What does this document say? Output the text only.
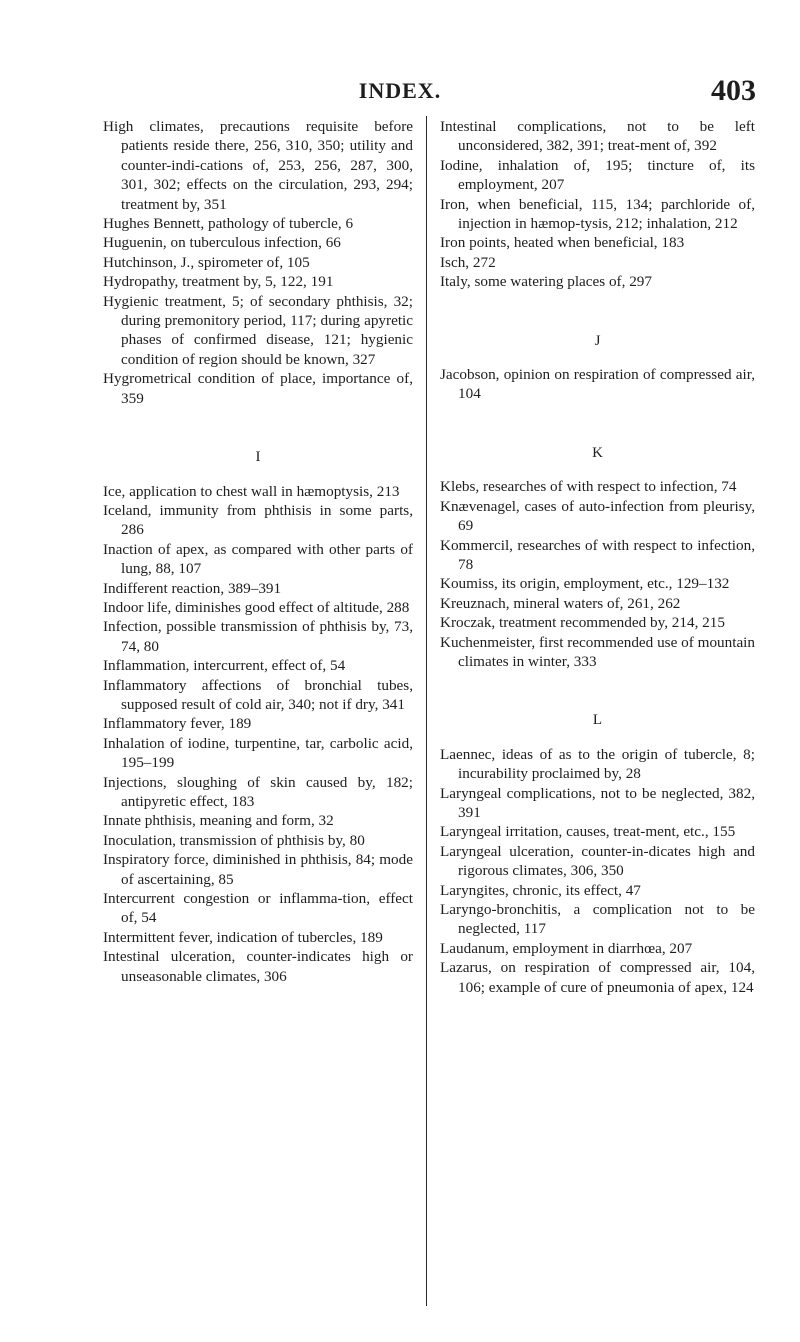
INDEX.	403

High climates, precautions requisite before patients reside there, 256, 310, 350; utility and counter-indi-cations of, 253, 256, 287, 300, 301, 302; effects on the circulation, 293, 294; treatment by, 351

Hughes Bennett, pathology of tubercle, 6

Huguenin, on tuberculous infection, 66

Hutchinson, J., spirometer of, 105

Hydropathy, treatment by, 5, 122, 191

Hygienic treatment, 5; of secondary phthisis, 32; during premonitory period, 117; during apyretic phases of confirmed disease, 121; hygienic condition of region should be known, 327

Hygrometrical condition of place, importance of, 359

I

Ice, application to chest wall in hæmoptysis, 213

Iceland, immunity from phthisis in some parts, 286

Inaction of apex, as compared with other parts of lung, 88, 107

Indifferent reaction, 389–391

Indoor life, diminishes good effect of altitude, 288

Infection, possible transmission of phthisis by, 73, 74, 80

Inflammation, intercurrent, effect of, 54

Inflammatory affections of bronchial tubes, supposed result of cold air, 340; not if dry, 341

Inflammatory fever, 189

Inhalation of iodine, turpentine, tar, carbolic acid, 195–199

Injections, sloughing of skin caused by, 182; antipyretic effect, 183

Innate phthisis, meaning and form, 32

Inoculation, transmission of phthisis by, 80

Inspiratory force, diminished in phthisis, 84; mode of ascertaining, 85

Intercurrent congestion or inflamma-tion, effect of, 54

Intermittent fever, indication of tubercles, 189

Intestinal ulceration, counter-indicates high or unseasonable climates, 306

Intestinal complications, not to be left unconsidered, 382, 391; treat-ment of, 392

Iodine, inhalation of, 195; tincture of, its employment, 207

Iron, when beneficial, 115, 134; parchloride of, injection in hæmop-tysis, 212; inhalation, 212

Iron points, heated when beneficial, 183

Isch, 272

Italy, some watering places of, 297

J

Jacobson, opinion on respiration of compressed air, 104

K

Klebs, researches of with respect to infection, 74

Knævenagel, cases of auto-infection from pleurisy, 69

Kommercil, researches of with respect to infection, 78

Koumiss, its origin, employment, etc., 129–132

Kreuznach, mineral waters of, 261, 262

Kroczak, treatment recommended by, 214, 215

Kuchenmeister, first recommended use of mountain climates in winter, 333

L

Laennec, ideas of as to the origin of tubercle, 8; incurability proclaimed by, 28

Laryngeal complications, not to be neglected, 382, 391

Laryngeal irritation, causes, treat-ment, etc., 155

Laryngeal ulceration, counter-in-dicates high and rigorous climates, 306, 350

Laryngites, chronic, its effect, 47

Laryngo-bronchitis, a complication not to be neglected, 117

Laudanum, employment in diarrhœa, 207

Lazarus, on respiration of compressed air, 104, 106; example of cure of pneumonia of apex, 124
